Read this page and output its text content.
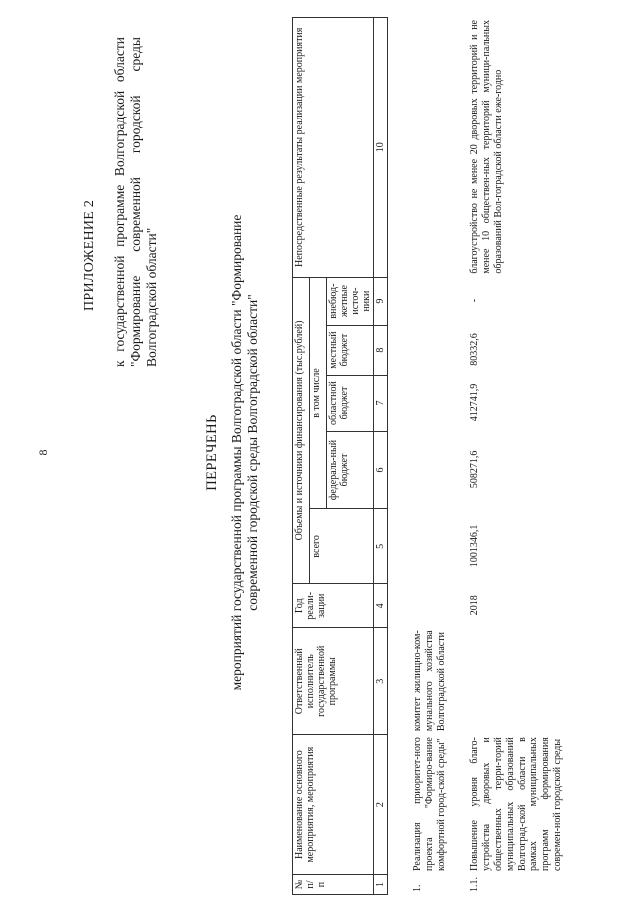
8
ПРИЛОЖЕНИЕ 2 к государственной программе Волгоградской области "Формирование современной городской среды Волгоградской области"
ПЕРЕЧЕНЬ мероприятий государственной программы Волгоградской области "Формирование современной городской среды Волгоградской области"
№ п/п	Наименование основного мероприятия, мероприятия	Ответственный исполнитель государственной программы	Год реали-зации	Объемы и источники финансирования (тыс.рублей)					Непосредственные результаты реализации мероприятия
				всего	в том числе				
					федераль-ный бюджет	областной бюджет	местный бюджет	внебюд-жетные источ-ники	
1	2	3	4	5	6	7	8	9	10
1.	Реализация приоритет-ного проекта "Формиро-вание комфортной город-ской среды"	комитет жилищно-ком-мунального хозяйства Волгоградской области							
1.1.	Повышение уровня благо-устройства дворовых и общественных терри-торий муниципальных образований Волгоград-ской области в рамках муниципальных программ формирования современ-ной городской среды		2018	1001346,1	508271,6	412741,9	80332,6	-	благоустройство не менее 20 дворовых территорий и не менее 10 обществен-ных территорий муници-пальных образований Вол-гоградской области еже-годно
